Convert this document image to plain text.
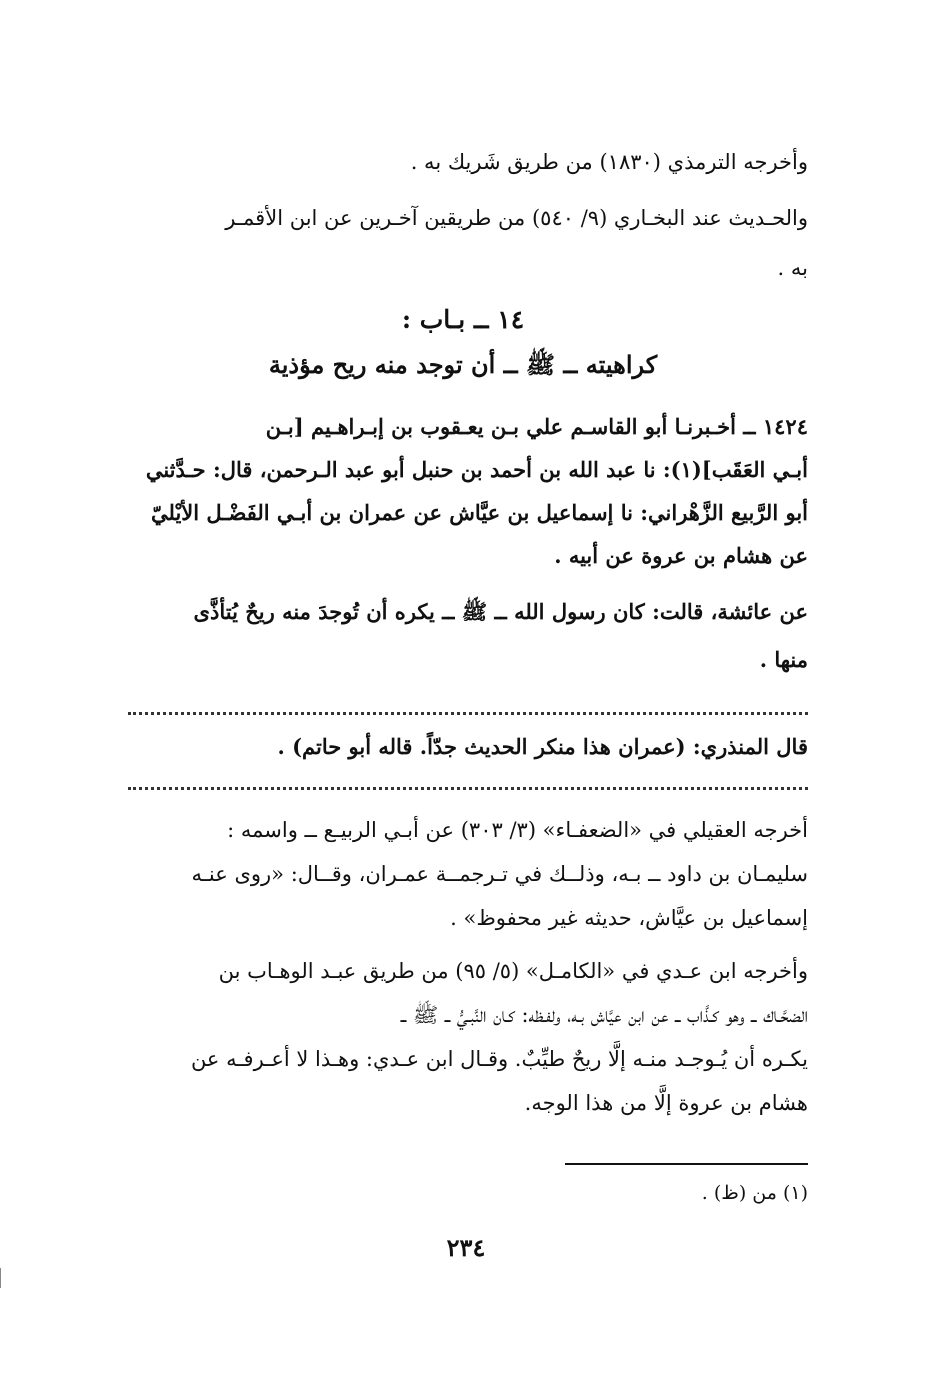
وأخرجه الترمذي (١٨٣٠) من طريق شَريك به .
والحـديث عند البخـاري (٩/ ٥٤٠) من طريقين آخـرين عن ابن الأقمـر
به .
١٤ ــ بـاب :
كراهيته ــ ﷺ ــ أن توجد منه ريح مؤذية
١٤٢٤ ــ أخـبرنـا أبو القاسـم علي بـن يعـقوب بن إبـراهـيم [بـن
أبـي العَقَب](١): نا عبد الله بن أحمد بن حنبل أبو عبد الـرحمن، قال: حـدَّثني
أبو الرَّبيع الزَّهْراني: نا إسماعيل بن عيَّاش عن عمران بن أبـي الفَضْـل الأيْليّ
عن هشام بن عروة عن أبيه .
عن عائشة، قالت: كان رسول الله ــ ﷺ ــ يكره أن تُوجدَ منه ريحٌ يُتأذَّى
منها .
قال المنذري: (عمران هذا منكر الحديث جدّاً. قاله أبو حاتم) .
أخرجه العقيلي في «الضعفـاء» (٣/ ٣٠٣) عن أبـي الربيـع ــ واسمه :
سليمـان بن داود ــ بـه، وذلــك في تـرجمــة عمـران، وقــال: «روى عنـه
إسماعيل بن عيَّاش، حديثه غير محفوظ» .
وأخرجه ابن عـدي في «الكامـل» (٥/ ٩٥) من طريق عبـد الوهـاب بن
الضحَّـاك ــ وهو كـذَّاب ــ عن ابن عيَّاش بـه، ولفـظه: كـان النَّبـيُّ ــ ﷺ ــ
يكـره أن يُـوجـد منـه إلَّا ريحٌ طيِّبٌ. وقـال ابن عـدي: وهـذا لا أعـرفـه عن
هشام بن عروة إلَّا من هذا الوجه.
(١) من (ظ) .
٢٣٤
